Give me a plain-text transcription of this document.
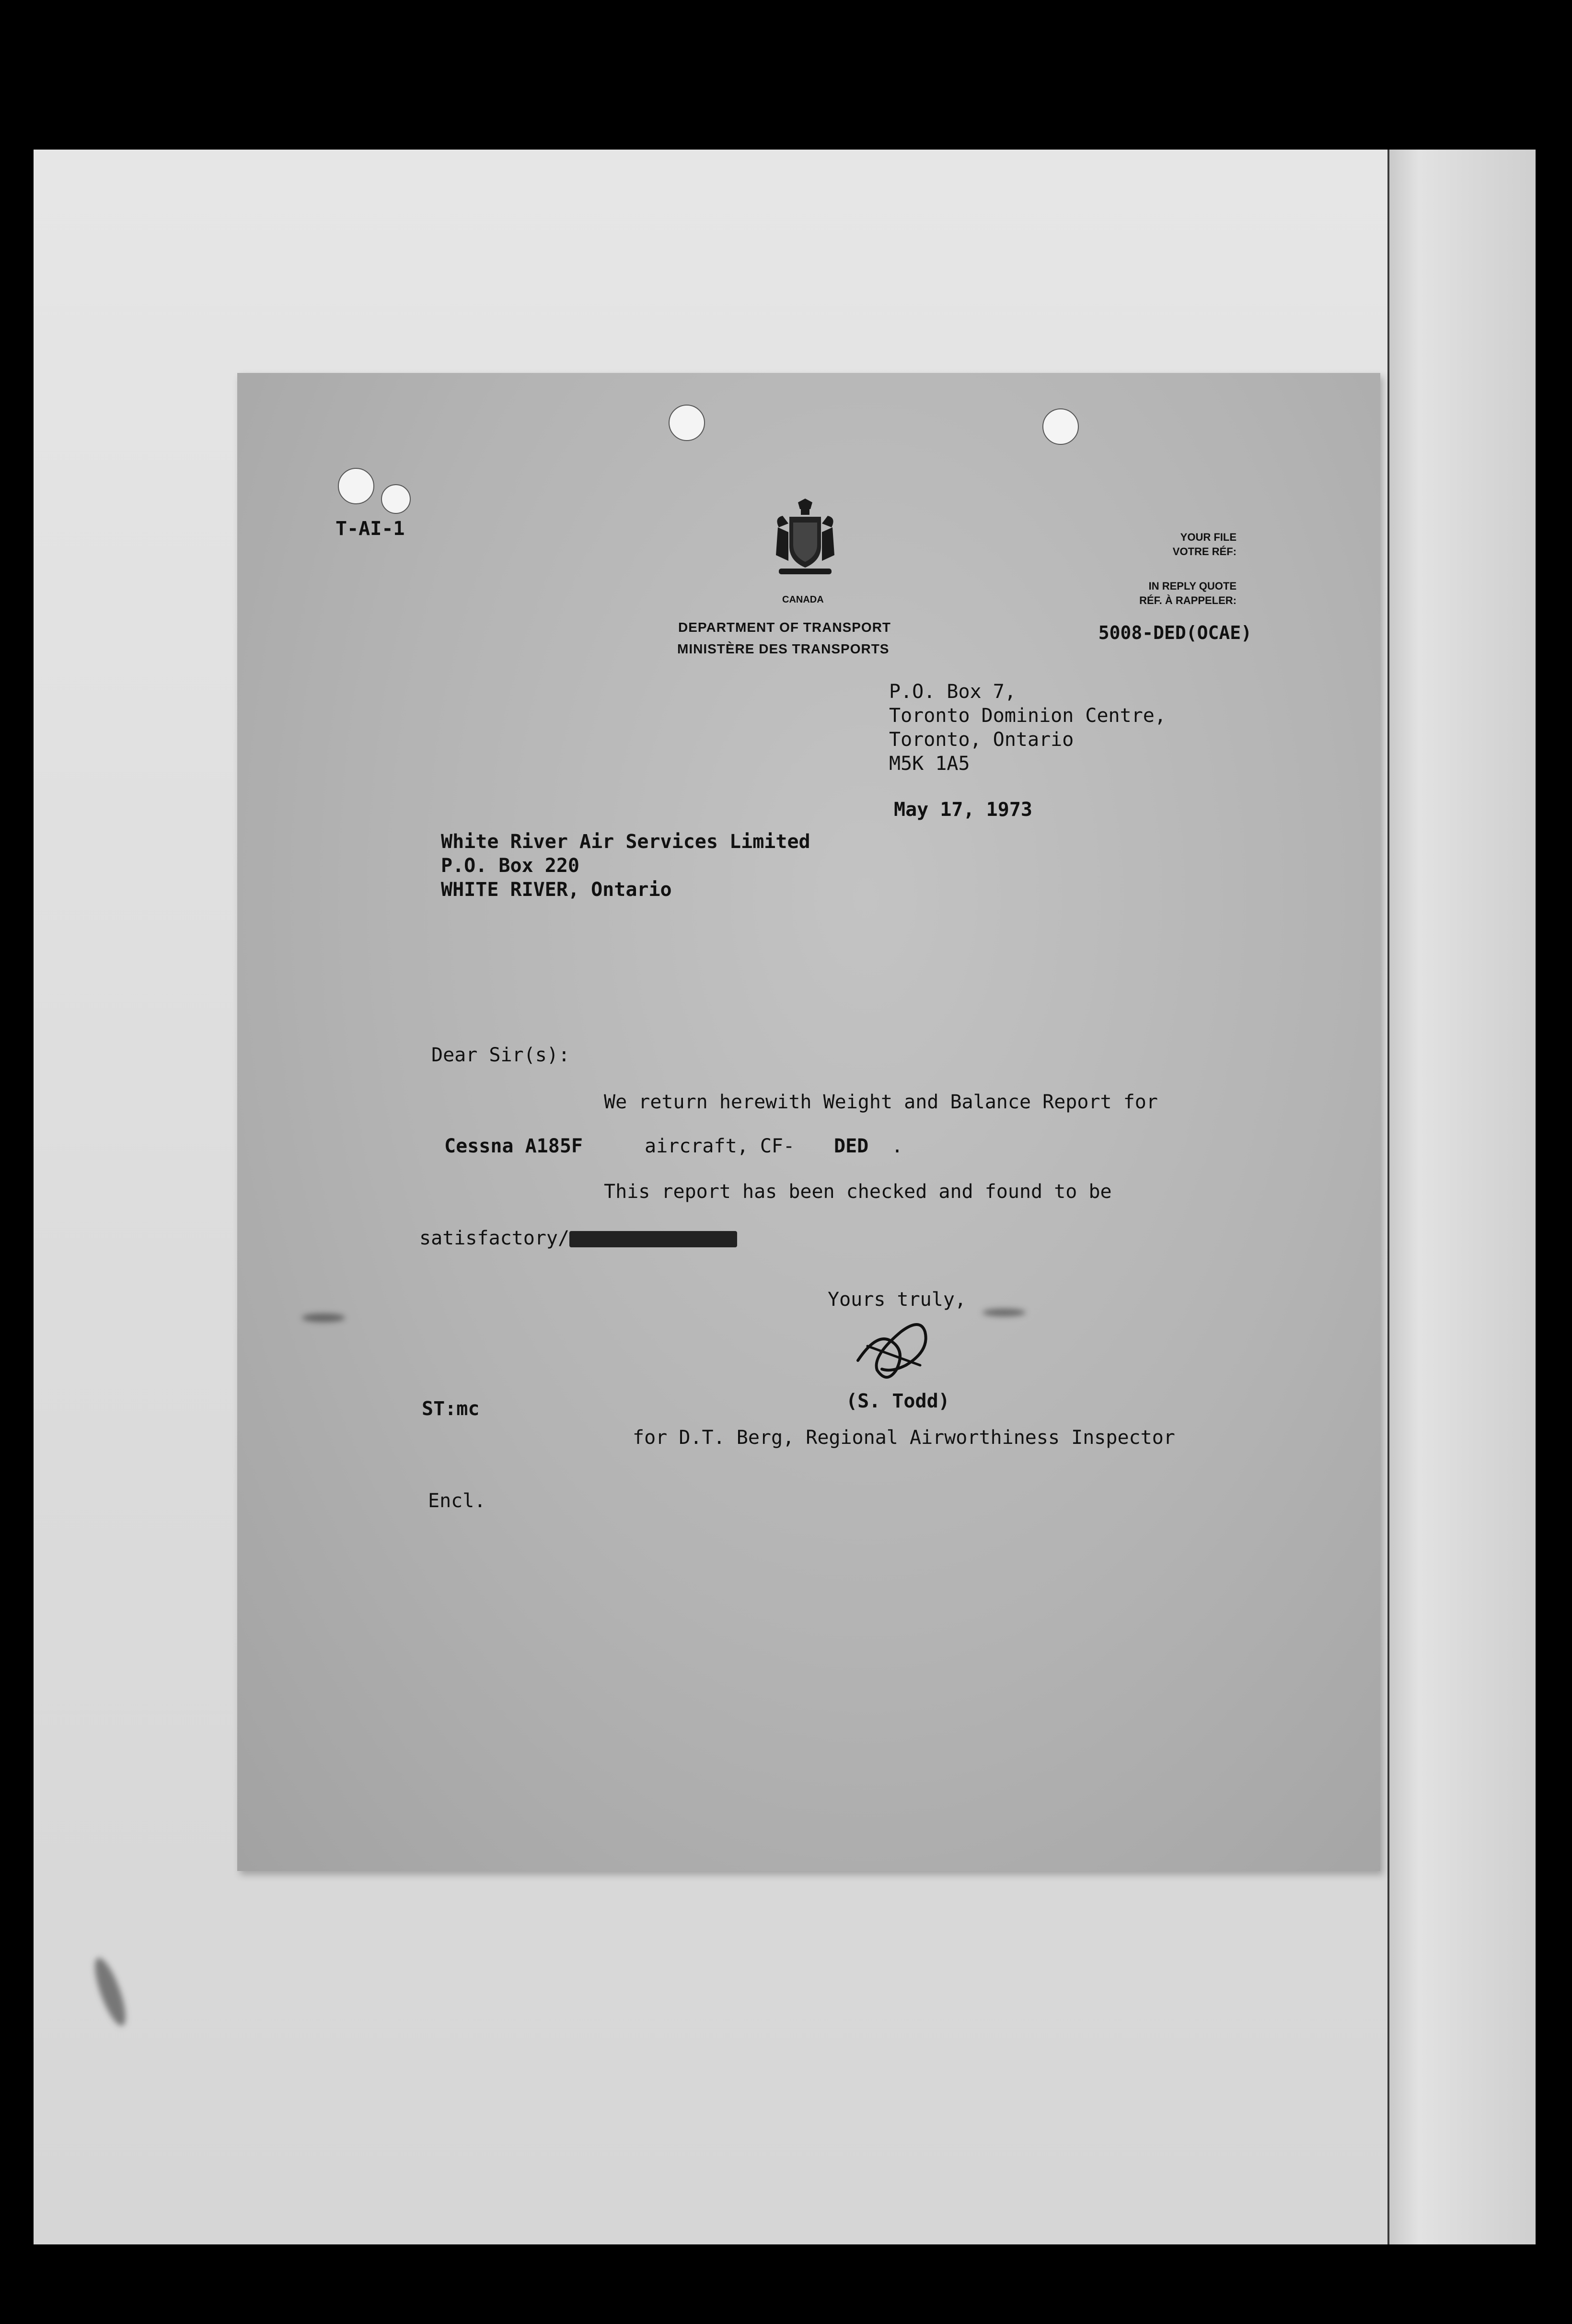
T-AI-1
CANADA
DEPARTMENT OF TRANSPORT
MINISTÈRE DES TRANSPORTS
YOUR FILE
VOTRE RÉF:
IN REPLY QUOTE
RÉF. À RAPPELER:
5008-DED(OCAE)
P.O. Box 7,
Toronto Dominion Centre,
Toronto, Ontario
M5K 1A5
May 17, 1973
White River Air Services Limited
P.O. Box 220
WHITE RIVER, Ontario
Dear Sir(s):
We return herewith Weight and Balance Report for
Cessna A185F	aircraft, CF- DED .
This report has been checked and found to be
satisfactory/
Yours truly,
(S. Todd)
ST:mc
for D.T. Berg, Regional Airworthiness Inspector
Encl.
